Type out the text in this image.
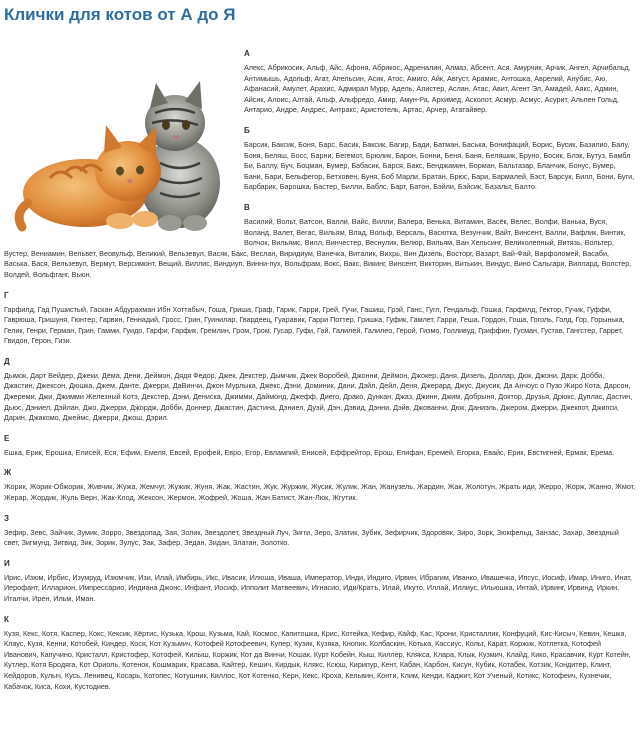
Клички для котов от А до Я
А
Алекс, Абрикосик, Альф, Айс, Афоня, Абрикос, Адреналин, Алмаз, Абсент, Ася, Амурчик, Арчик, Ангел, Арчибальд, Антимышь, Адольф, Агат, Апельсин, Асик, Атос, Амиго, Айк, Август, Арамис, Антошка, Аврелий, Анубис, Аю, Афанасий, Амулет, Арахис, Адмирал Мурр, Адель, Алистер, Аслан, Атас, Авит, Агент Эл, Амадей, Аякс, Админ, Айсик, Алоис, Алтай, Альф, Альфредо, Амир, Амун-Ра, Архимед, Асколот, Асмур, Асмус, Асурит, Альпен Гольд, Антарио, Андре, Андрес, Антракс, Аристотель, Артас, Арчер, Ататайвер.
Б
Барсик, Баксик, Боня, Барс, Басик, Баксик, Багир, Бади, Батман, Баська, Бонифаций, Борис, Бусик, Базилио, Балу, Боня, Беляш, Босс, Барни, Бегемот, Брюлик, Барон, Бонни, Беня, Баня, Беляшик, Бруно, Босик, Блэк, Бутуз, Бамбл Би, Баллу, Буч, Боцман, Бумер, Бабасик, Барся, Бакс, Бенджамин, Борман, Бальтазар, Бланчик, Бонус, Бумер, Бани, Бари, Бельфегор, Бетховен, Буня, Боб Марли, Братан, Брюс, Бари, Бармалей, Бэст, Барсук, Билл, Бони, Буги, Барбарик, Барошка, Бастер, Билли, Баблс, Барт, Батон, Бэйли, Бэйсик, Базальт, Балто.
В
Василий, Вольт, Ватсон, Валли, Вайс, Вилли, Валера, Венька, Витамин, Васёк, Велес, Волфи, Ванька, Вуся, Воланд, Валет, Вегас, Вильям, Влад, Вольф, Версаль, Васютка, Везунчик, Вайт, Винсент, Валли, Вафлик, Винтик, Волчок, Вильямс, Вилл, Винчестер, Веснулик, Велюр, Вильям, Ван Хельсинг, Великолепный, Витязь, Вольтер, Вустер, Вениамин, Вельвет, Веовульф, Великий, Вельзевул, Васяк, Бакс, Веслан, Виридиум, Ванечка, Виталик, Вихрь, Вин Дизель, Восторг, Вазарт, Вай-Фай, Варфоломей, Васаби, Васька, Вася, Вельзевул, Вермут, Версимонт, Вещий, Виллис, Виндиуп, Винни-пух, Вольфрам, Вокс, Вакс, Викинг, Винсент, Викторин, Витькин, Виндус, Вино Сальгари, Виллард, Волстер, Волдей, Вольфганг, Вьюн.
Г
Гарфилд, Гад Пушистый, Гаскан Абдурахман Ибн Хоттабыч, Гоша, Гриша, Граф, Гарик, Гарри, Грей, Гучи, Гашиш, Грэй, Ганс, Гугл, Гендальф, Гошка, Гарфилд, Гектор, Гучик, Гуффи, Гаврюша, Гришуня, Гюнтер, Гарвин, Геннадий, Гросс, Грин, Гуинилар, Гвардеец, Гуаравик, Гарри Поттер, Гришка, Гуфик, Гамлет, Гарри, Геша, Гордон, Гоша, Гоголь, Голд, Гор, Горынька, Гелик, Генри, Герман, Грин, Гамми, Гуидо, Гарфи, Гарфик, Гремлин, Гром, Гром, Гусар, Гуфи, Гай, Галилей, Галилео, Герой, Гизмо, Голливуд, Гриффин, Гусман, Густав, Гангстер, Гаррет, Гвидон, Герон, Гизи.
Д
Дымок, Дарт Вейдер, Джеки, Дёма, Дени, Деймон, Дядя Федор, Джек, Декстер, Дымчик, Джек Воробей, Джонни, Деймон, Джокер, Даня, Дизель, Доллар, Дюк, Джони, Дарк, Добби, Джастин, Джексон, Дюшка, Джем, Данте, Джерри, ДаВинчи, Джон Мурлыка, Джекс, Дэни, Доминик, Дани, Дэйл, Дейл, Деня, Джерард, Джус, Джусик, Да Анчоус о Пузо Жиро Кота, Дарсон, Джереми, Джи, Джимми Железный Котэ, Декстер, Дэни, Дениска, Джимми, Даймонд, Джефф, Диего, Драко, Дункан, Джаз, Джинн, Джим, Добрыня, Доктор, Друзья, Дрюкс, Дуплас, Дастин, Дьюс, Дэниел, Дэйлан, Джо, Джерри, Джордж, Добби, Доннер, Джастин, Дастина, Дэниел, Дуэй, Дэн, Дэвид, Дэнни, Дэйв, Джованни, Дюк, Даниэль, Джером, Джерри, Джекпот, Джипси, Дарин, Джакомо, Джеймс, Джерри, Джош, Дэрил.
Е
Ешка, Ерик, Ерошка, Елисей, Еся, Ефим, Емеля, Евсей, Ерофей, Евро, Егор, Евлампий, Енисей, Еффрейтор, Ерош, Епифан, Еремей, Егорка, Евайс, Ерик, Евстигней, Ермак, Ерема.
Ж
Жорик, Жорик-Обжорик, Живчик, Жужа, Жемчуг, Жужик, Жуня, Жак, Жастин, Жук, Журжик, Жусик, Жулик, Жан, Жанузель, Жардин, Жак, Жолотун, Жрать иди, Жерро, Жорж, Жанно, Жмот, Жерар, Жордик, Жуль Верн, Жак-Клод, Жексон, Жермон, Жофрей, Жоша, Жан Батист, Жан-Люк, Жгутик.
З
Зефир, Зевс, Зайчик, Зумик, Зорро, Звездопад, Зая, Золик, Звездолет, Звездный Луч, Зигги, Зеро, Златик, Зубик, Зефирчик, Здоровяк, Зиро, Зорк, Зюкфельд, Занзас, Захар, Звездный свет, Зигмунд, Зигвид, Зик, Зорик, Зулус, Зак, Зафер, Зедан, Зидан, Златан, Золотко.
И
Ирис, Изюм, Ирбис, Изумруд, Изюмчик, Изи, Илай, Имбирь, Икс, Ивасик, Илюша, Иваша, Император, Инди, Индиго, Ирвин, Ибрагим, Иванко, Ивашечка, Ипсус, Иосиф, Имар, Иниго, Инат, Иерофант, Илларион, Импрессарио, Индиана Джонс, Инфант, Иосиф, Ипполит Матвеевич, Игнасио, Иди/Кратъ, Илай, Икуто, Иллай, Иллиус, Ильюшка, Интай, Ирвинг, Ирвинд, Иркин, Италчи, Ирен, Ильм, Иман.
К
Кузя, Кекс, Котя, Каспер, Кокс, Кексик, Кёртис, Кузька, Крош, Кузьма, Кай, Космос, Капитошка, Крис, Котейка, Кефир, Кайф, Кас, Крони, Кристаллик, Конфуций, Кис-Кисыч, Кевин, Кешка, Клаус, Кузя, Кенни, Котобей, Киндер, Кося, Кот Кузьмич, Котофей Котофеевич, Купер, Кузик, Кузяка, Кнопик, Колбаскин, Котька, Кассиус, Кольт, Карат, Коржик, Котлетка, Котофей Иванович, Капучино, Кристалл, Кристофер, Котофей, Килыш, Коржик, Кот да Винчи, Кошак, Курт Кобейн, Кыш, Киллер, Клякса, Клара, Клык, Кузмич, Клайд, Кико, Красавчик, Курт Котейн, Кутлер, Котя Бродяга, Кот Ориоль, Котенок, Кошмарик, Красава, Кайтер, Кешич, Кирдык, Клякс, Ксюш, Кирипур, Кент, Кабан, Карбон, Кисун, Кубик, Котабек, Котзик, Кондитер, Клинт, Кейдоров, Кулыч, Кусь, Ленивец, Косарь, Котопес, Котушник, Киллос, Кот Котенко, Керн, Кекс, Кроха, Кельвин, Конти, Клим, Кенди, Каджит, Кот Ученый, Котикс, Котофеич, Кузнечик, Кабачок, Киса, Кохи, Кустодиев.
